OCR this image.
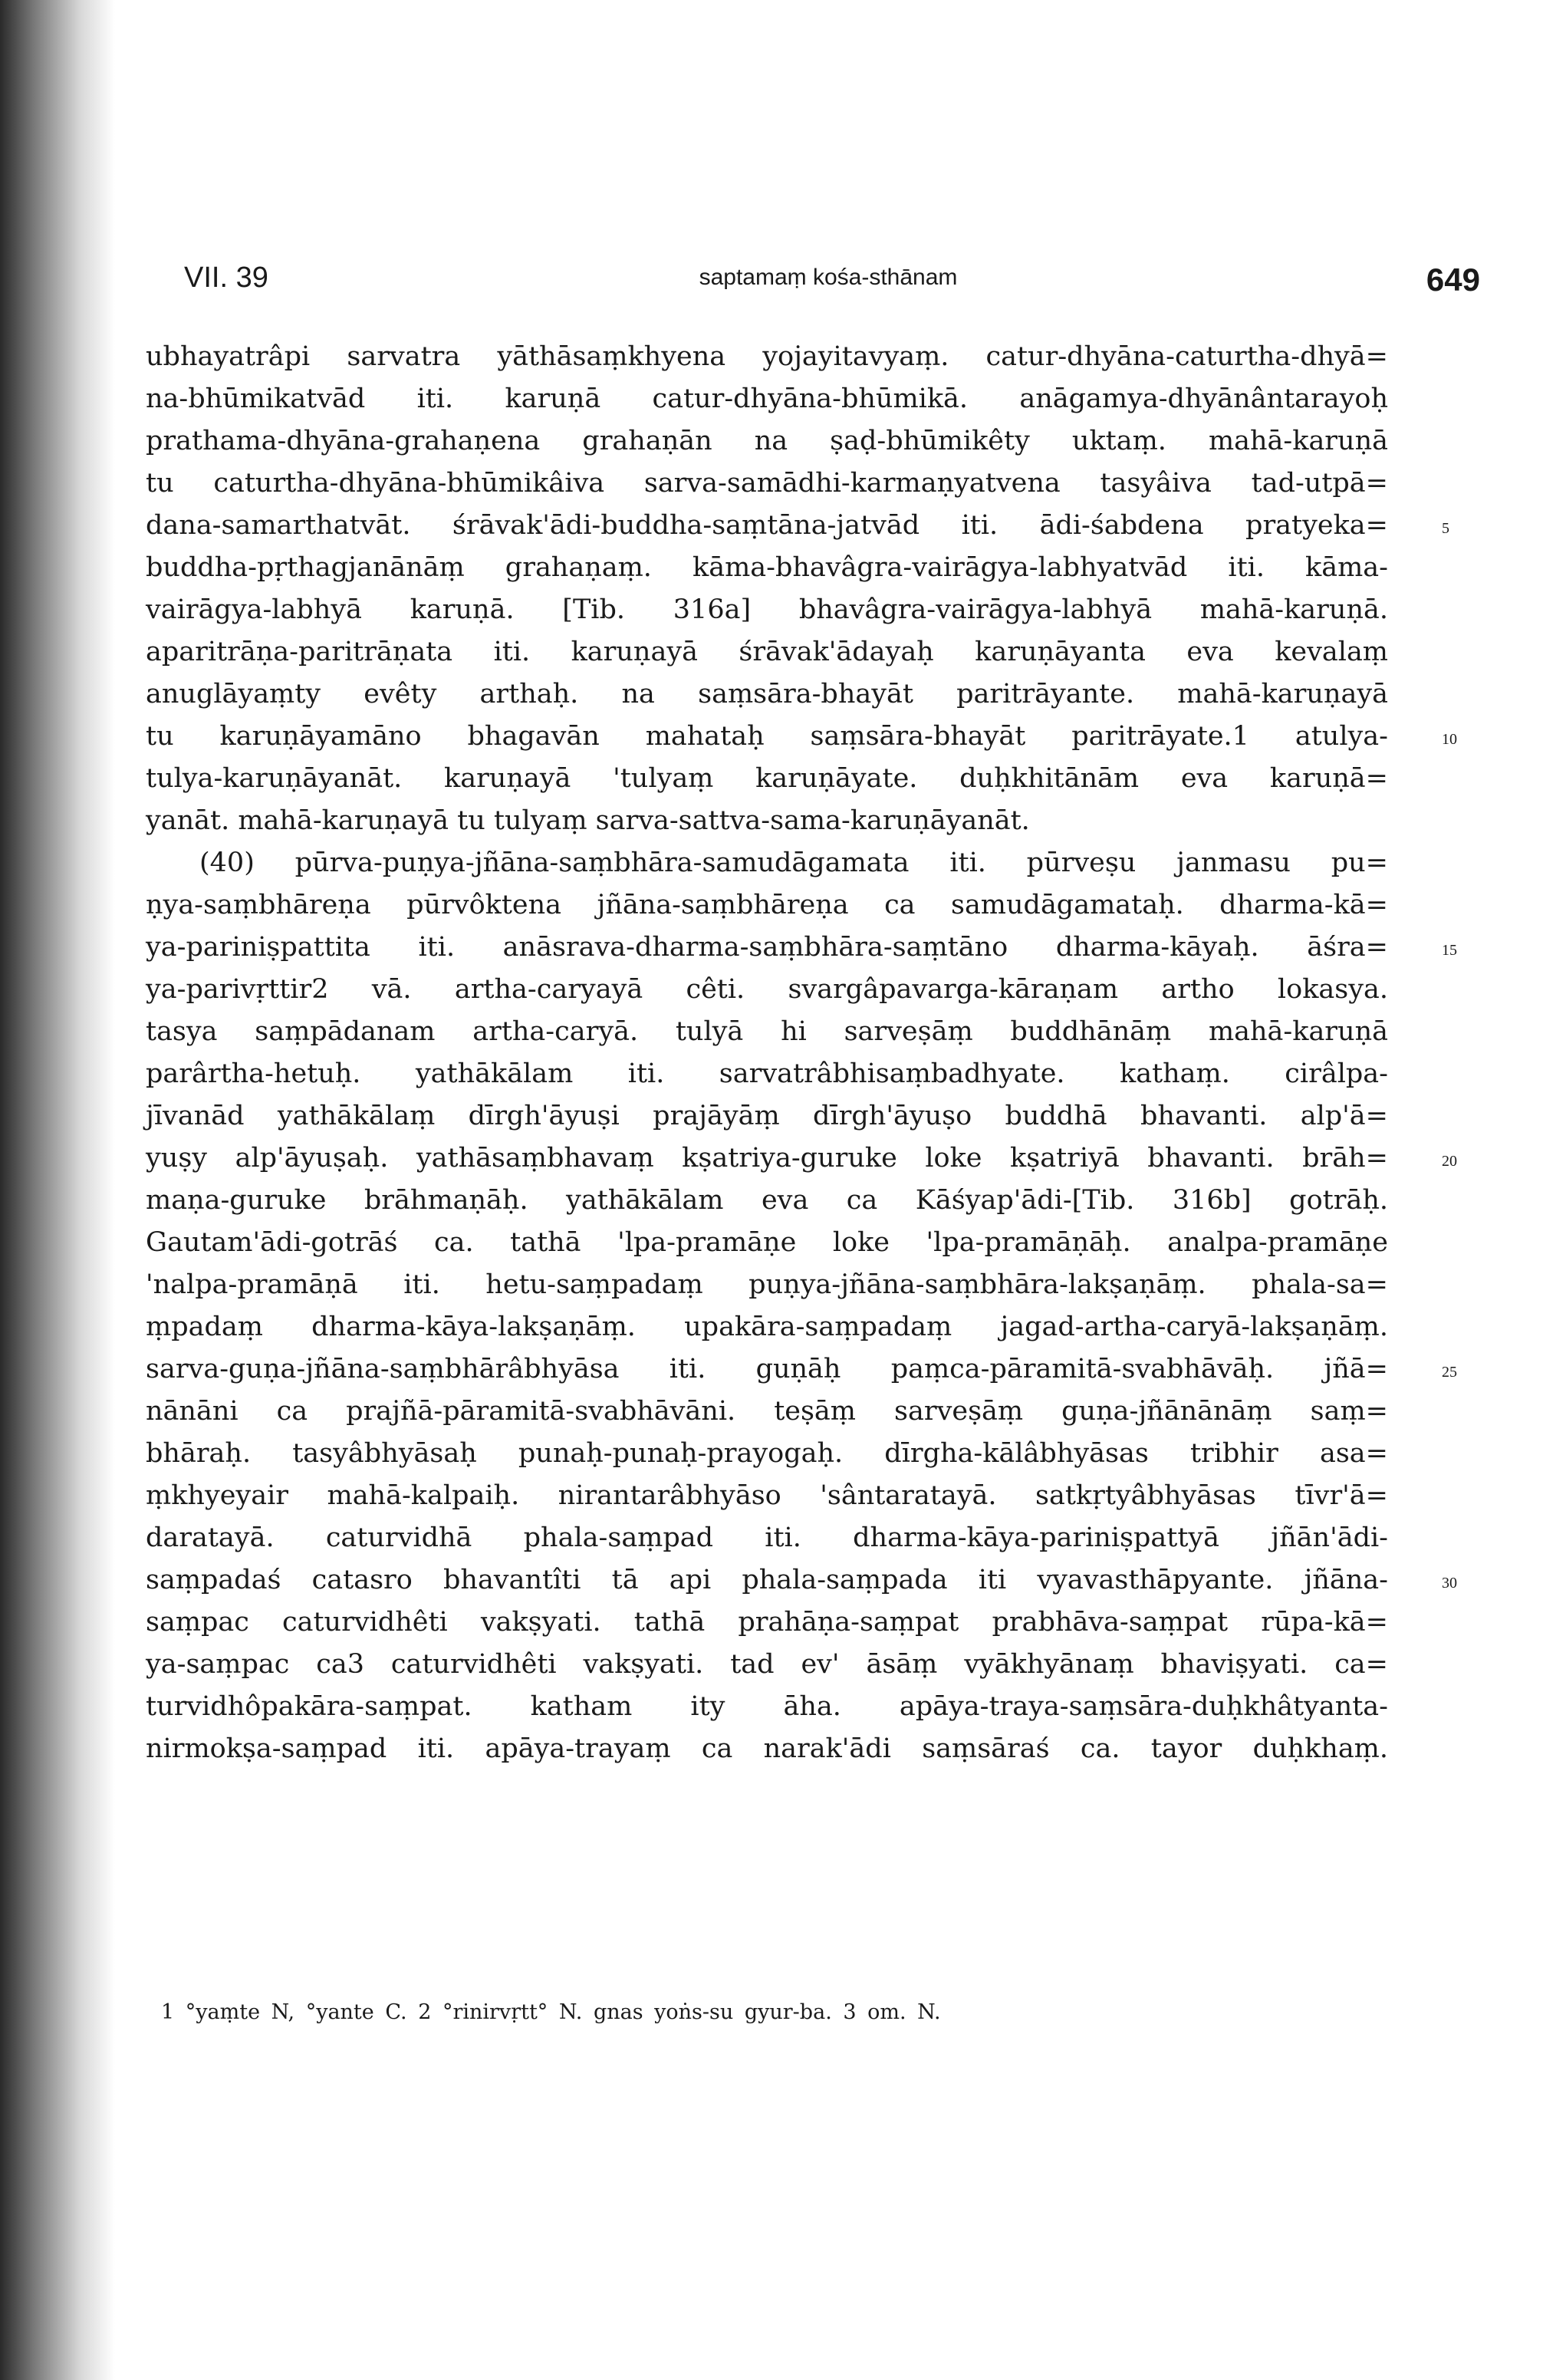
VII. 39	saptamaṃ kośa-sthānam	649
ubhayatrâpi sarvatra yāthāsaṃkhyena yojayitavyaṃ. catur-dhyāna-caturtha-dhyā=
na-bhūmikatvād iti. karuṇā catur-dhyāna-bhūmikā. anāgamya-dhyānântarayoḥ
prathama-dhyāna-grahaṇena grahaṇān na ṣaḍ-bhūmikêty uktaṃ. mahā-karuṇā
tu caturtha-dhyāna-bhūmikâiva sarva-samādhi-karmaṇyatvena tasyâiva tad-utpā=
dana-samarthatvāt. śrāvak'ādi-buddha-saṃtāna-jatvād iti. ādi-śabdena pratyeka=	5
buddha-pṛthagjanānāṃ grahaṇaṃ. kāma-bhavâgra-vairāgya-labhyatvād iti. kāma-
vairāgya-labhyā karuṇā. [Tib. 316a] bhavâgra-vairāgya-labhyā mahā-karuṇā.
aparitrāṇa-paritrāṇata iti. karuṇayā śrāvak'ādayaḥ karuṇāyanta eva kevalaṃ
anuglāyaṃty evêty arthaḥ. na saṃsāra-bhayāt paritrāyante. mahā-karuṇayā
tu karuṇāyamāno bhagavān mahataḥ saṃsāra-bhayāt paritrāyate.1 atulya-	10
tulya-karuṇāyanāt. karuṇayā 'tulyaṃ karuṇāyate. duḥkhitānām eva karuṇā=
yanāt. mahā-karuṇayā tu tulyaṃ sarva-sattva-sama-karuṇāyanāt.
(40) pūrva-puṇya-jñāna-saṃbhāra-samudāgamata iti. pūrveṣu janmasu pu=
ṇya-saṃbhāreṇa pūrvôktena jñāna-saṃbhāreṇa ca samudāgamataḥ. dharma-kā=
ya-pariniṣpattita iti. anāsrava-dharma-saṃbhāra-saṃtāno dharma-kāyaḥ. āśra=	15
ya-parivṛttir2 vā. artha-caryayā cêti. svargâpavarga-kāraṇam artho lokasya.
tasya saṃpādanam artha-caryā. tulyā hi sarveṣāṃ buddhānāṃ mahā-karuṇā
parârtha-hetuḥ. yathākālam iti. sarvatrâbhisaṃbadhyate. kathaṃ. cirâlpa-
jīvanād yathākālaṃ dīrgh'āyuṣi prajāyāṃ dīrgh'āyuṣo buddhā bhavanti. alp'ā=
yuṣy alp'āyuṣaḥ. yathāsaṃbhavaṃ kṣatriya-guruke loke kṣatriyā bhavanti. brāh=	20
maṇa-guruke brāhmaṇāḥ. yathākālam eva ca Kāśyap'ādi-[Tib. 316b] gotrāḥ.
Gautam'ādi-gotrāś ca. tathā 'lpa-pramāṇe loke 'lpa-pramāṇāḥ. analpa-pramāṇe
'nalpa-pramāṇā iti. hetu-saṃpadaṃ puṇya-jñāna-saṃbhāra-lakṣaṇāṃ. phala-sa=
ṃpadaṃ dharma-kāya-lakṣaṇāṃ. upakāra-saṃpadaṃ jagad-artha-caryā-lakṣaṇāṃ.
sarva-guṇa-jñāna-saṃbhārâbhyāsa iti. guṇāḥ paṃca-pāramitā-svabhāvāḥ. jñā=	25
nānāni ca prajñā-pāramitā-svabhāvāni. teṣāṃ sarveṣāṃ guṇa-jñānānāṃ saṃ=
bhāraḥ. tasyâbhyāsaḥ punaḥ-punaḥ-prayogaḥ. dīrgha-kālâbhyāsas tribhir asa=
ṃkhyeyair mahā-kalpaiḥ. nirantarâbhyāso 'sântaratayā. satkṛtyâbhyāsas tīvr'ā=
daratayā. caturvidhā phala-saṃpad iti. dharma-kāya-pariniṣpattyā jñān'ādi-
saṃpadaś catasro bhavantîti tā api phala-saṃpada iti vyavasthāpyante. jñāna-	30
saṃpac caturvidhêti vakṣyati. tathā prahāṇa-saṃpat prabhāva-saṃpat rūpa-kā=
ya-saṃpac ca3 caturvidhêti vakṣyati. tad ev' āsāṃ vyākhyānaṃ bhaviṣyati. ca=
turvidhôpakāra-saṃpat. katham ity āha. apāya-traya-saṃsāra-duḥkhâtyanta-
nirmokṣa-saṃpad iti. apāya-trayaṃ ca narak'ādi saṃsāraś ca. tayor duḥkhaṃ.
1 °yaṃte N, °yante C. 2 °rinirvṛtt° N. gnas yoṅs-su gyur-ba. 3 om. N.
